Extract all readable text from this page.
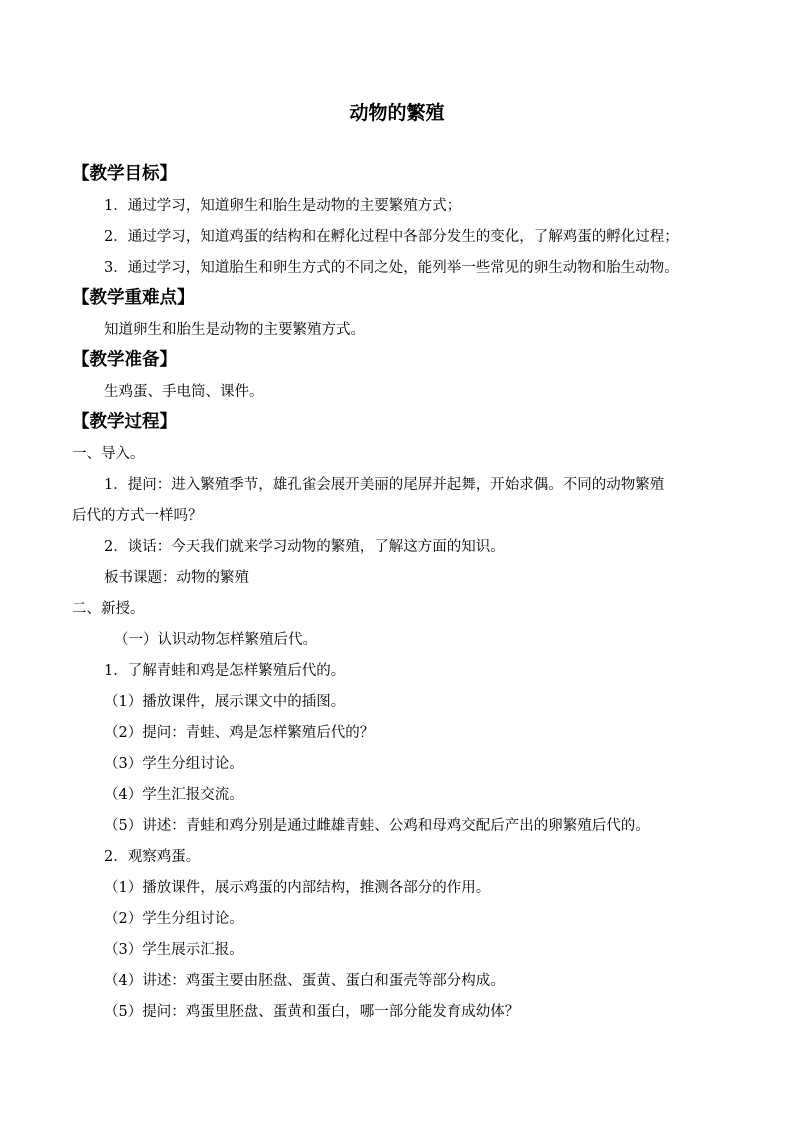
动物的繁殖
【教学目标】
1．通过学习，知道卵生和胎生是动物的主要繁殖方式；
2．通过学习，知道鸡蛋的结构和在孵化过程中各部分发生的变化，了解鸡蛋的孵化过程；
3．通过学习，知道胎生和卵生方式的不同之处，能列举一些常见的卵生动物和胎生动物。
【教学重难点】
知道卵生和胎生是动物的主要繁殖方式。
【教学准备】
生鸡蛋、手电筒、课件。
【教学过程】
一、导入。
1．提问：进入繁殖季节，雄孔雀会展开美丽的尾屏并起舞，开始求偶。不同的动物繁殖
后代的方式一样吗？
2．谈话：今天我们就来学习动物的繁殖，了解这方面的知识。
板书课题：动物的繁殖
二、新授。
（一）认识动物怎样繁殖后代。
1．了解青蛙和鸡是怎样繁殖后代的。
（1）播放课件，展示课文中的插图。
（2）提问：青蛙、鸡是怎样繁殖后代的？
（3）学生分组讨论。
（4）学生汇报交流。
（5）讲述：青蛙和鸡分别是通过雌雄青蛙、公鸡和母鸡交配后产出的卵繁殖后代的。
2．观察鸡蛋。
（1）播放课件，展示鸡蛋的内部结构，推测各部分的作用。
（2）学生分组讨论。
（3）学生展示汇报。
（4）讲述：鸡蛋主要由胚盘、蛋黄、蛋白和蛋壳等部分构成。
（5）提问：鸡蛋里胚盘、蛋黄和蛋白，哪一部分能发育成幼体？
